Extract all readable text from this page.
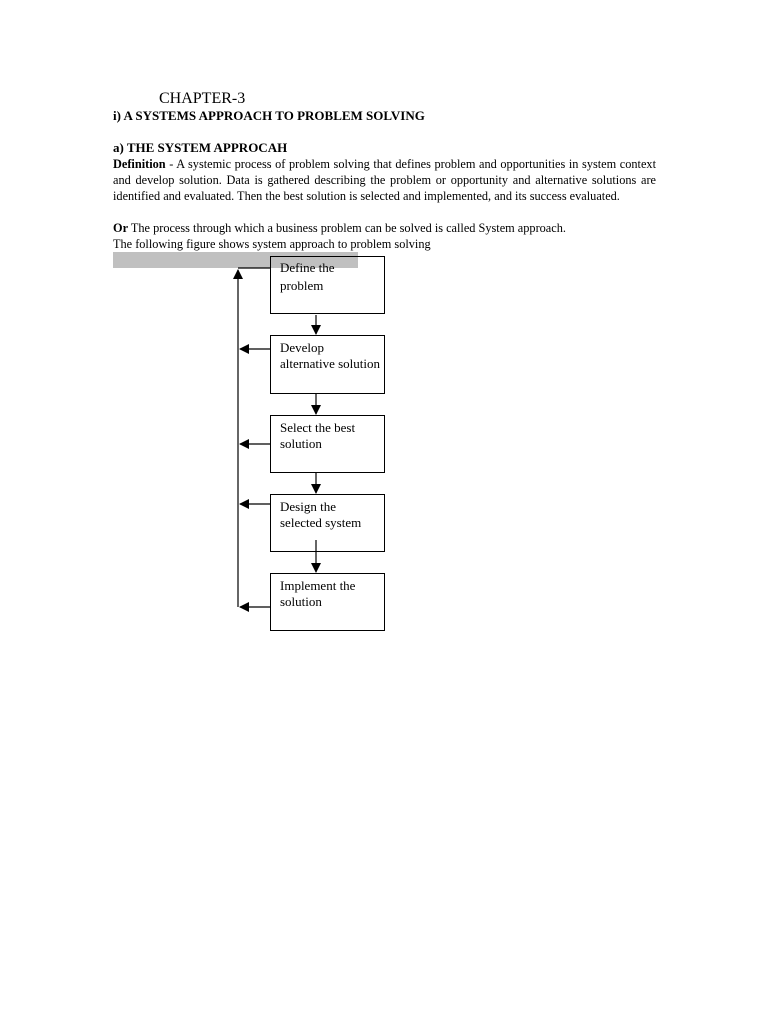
CHAPTER-3
i) A SYSTEMS APPROACH TO PROBLEM SOLVING
a) THE SYSTEM APPROCAH
Definition - A systemic process of problem solving that defines problem and opportunities in system context and develop solution. Data is gathered describing the problem or opportunity and alternative solutions are identified and evaluated. Then the best solution is selected and implemented, and its success evaluated.
Or The process through which a business problem can be solved is called System approach.
The following figure shows system approach to problem solving
Define the problem
Develop alternative solution
Select the best solution
Design the selected system
Implement the solution
